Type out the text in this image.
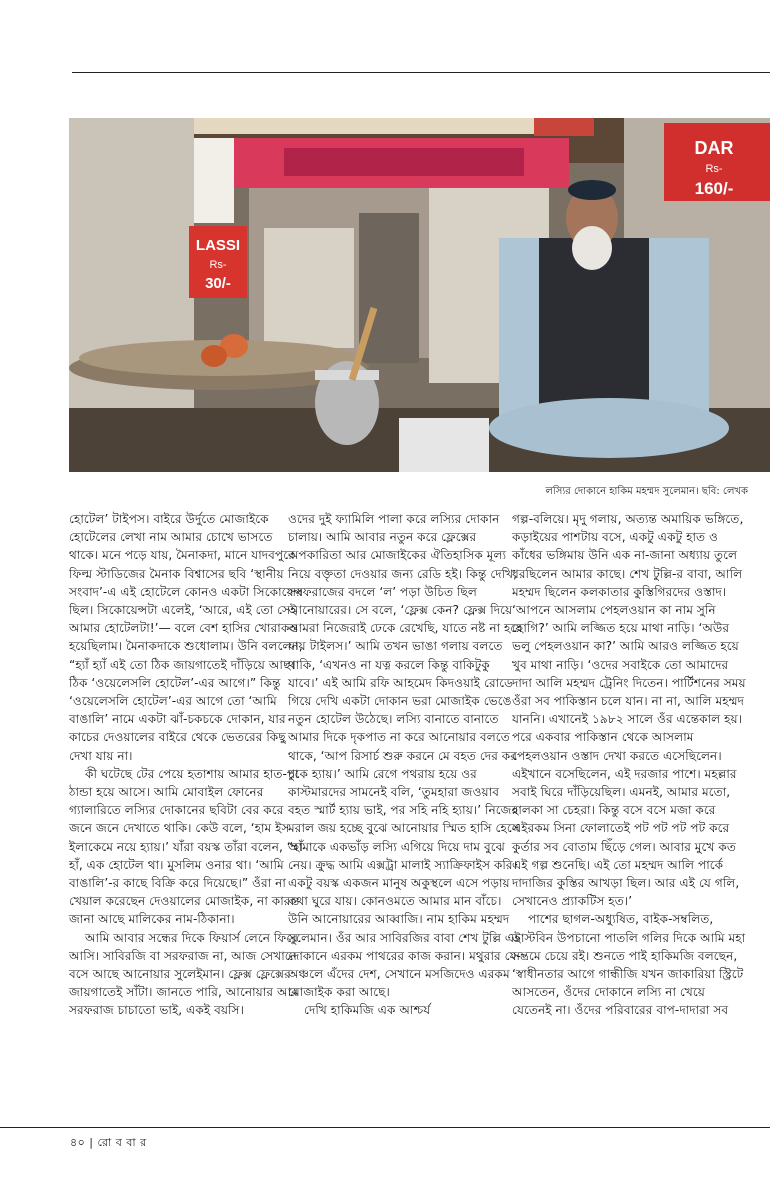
LASSI
Rs-
30/-
DAR
Rs-
160/-
লস্যির দোকানে হাকিম মহম্মদ সুলেমান। ছবি: লেখক

হোটেল’ টাইপস। বাইরে উর্দুতে মোজাইকে হোটেলের লেখা নাম আমার চোখে ভাসতে থাকে। মনে পড়ে যায়, মৈনাকদা, মানে যাদবপুরে ফিল্ম স্টাডিজের মৈনাক বিশ্বাসের ছবি ‘স্থানীয় সংবাদ’-এ এই হোটেলে কোনও একটা সিকোয়েন্স ছিল। সিকোয়েন্সটা এলেই, ‘আরে, এই তো সেই আমার হোটেলটা!’— বলে বেশ হাসির খোরাকও হয়েছিলাম। মৈনাকদাকে শুধোলাম। উনি বললেন, “হ্যাঁ হ্যাঁ এই তো ঠিক জায়গাতেই দাঁড়িয়ে আছ। ঠিক ‘ওয়েলেসলি হোটেল’-এর আগে।” কিন্তু ‘ওয়েলেসলি হোটেল’-এর আগে তো ‘আমি বাঙালি’ নামে একটা ঝাঁ-চকচকে দোকান, যার কাচের দেওয়ালের বাইরে থেকে ভেতরের কিছু দেখা যায় না।

কী ঘটেছে টের পেয়ে হতাশায় আমার হাত-পা ঠান্ডা হয়ে আসে। আমি মোবাইল ফোনের গ্যালারিতে লস্যির দোকানের ছবিটা বের করে জনে জনে দেখাতে থাকি। কেউ বলে, ‘হাম ইস ইলাকেমে নয়ে হ্যায়।’ যাঁরা বয়স্ক তাঁরা বলেন, “হাঁ হাঁ, এক হোটেল থা। মুসলিম ওনার থা। ‘আমি বাঙালি’-র কাছে বিক্রি করে দিয়েছে।” ওঁরা না খেয়াল করেছেন দেওয়ালের মোজাইক, না কারও জানা আছে মালিকের নাম-ঠিকানা।

আমি আবার সন্ধের দিকে ফিয়ার্স লেনে ফিরে আসি। সাবিরজি বা সরফরাজ না, আজ সেখানে বসে আছে আনোয়ার সুলেইমান। ফ্লেক্স ফ্লেক্সের জায়গাতেই সাঁটা। জানতে পারি, আনোয়ার আর সরফরাজ চাচাতো ভাই, একই বয়সি।

ওদের দুই ফ্যামিলি পালা করে লস্যির দোকান চালায়। আমি আবার নতুন করে ফ্লেক্সের অপকারিতা আর মোজাইকের ঐতিহাসিক মূল্য নিয়ে বক্তৃতা দেওয়ার জন্য রেডি হই। কিন্তু দেখি, সরফরাজের বদলে ‘ল’ পড়া উচিত ছিল আনোয়ারের। সে বলে, ‘ফ্লেক্স কেন? ফ্লেক্স দিয়ে আমরা নিজেরাই ঢেকে রেখেছি, যাতে নষ্ট না হয়ে যায় টাইলস।’ আমি তখন ভাঙা গলায় বলতে থাকি, ‘এখনও না যত্ন করলে কিন্তু বাকিটুকু যাবে।’ এই আমি রফি আহমেদ কিদওয়াই রোডে গিয়ে দেখি একটা দোকান ভরা মোজাইক ভেঙে নতুন হোটেল উঠেছে। লস্যি বানাতে বানাতে আমার দিকে দৃকপাত না করে আনোয়ার বলতে থাকে, ‘আপ রিসার্চ শুরু করনে মে বহত দের কর চুকে হ্যায়।’ আমি রেগে পথরায় হয়ে ওর কাস্টমারদের সামনেই বলি, ‘তুমহারা জওয়াব বহত স্মার্ট হ্যায় ভাই, পর সহি নহি হ্যায়।’ নিজের মরাল জয় হচ্ছে বুঝে আনোয়ার স্মিত হাসি হেসে আমাকে একভাঁড় লস্যি এগিয়ে দিয়ে দাম বুঝে নেয়। ক্রুদ্ধ আমি এক্সট্রা মালাই স্যাক্রিফাইস করি। একটু বয়স্ক একজন মানুষ অকুস্থলে এসে পড়ায় কথা ঘুরে যায়। কোনওমতে আমার মান বাঁচে। উনি আনোয়ারের আব্বাজি। নাম হাকিম মহম্মদ সুলেমান। ওঁর আর সাবিরজির বাবা শেখ টুল্লি এই দোকানে এরকম পাথরের কাজ করান। মথুরার যে-অঞ্চলে এঁদের দেশ, সেখানে মসজিদেও এরকম মোজাইক করা আছে।

দেখি হাকিমজি এক আশ্চর্য

গল্প-বলিয়ে। মৃদু গলায়, অত্যন্ত অমায়িক ভঙ্গিতে, কড়াইয়ের পাশটায় বসে, একটু একটু হাত ও কাঁধের ভঙ্গিমায় উনি এক না-জানা অধ্যায় তুলে ধরছিলেন আমার কাছে। শেখ টুল্লি-র বাবা, আলি মহম্মদ ছিলেন কলকাতার কুস্তিগিরদের ওস্তাদ। ‘আপনে আসলাম পেহলওয়ান কা নাম সুনি হোগি?’ আমি লজ্জিত হয়ে মাথা নাড়ি। ‘অউর ভলু পেহলওয়ান কা?’ আমি আরও লজ্জিত হয়ে খুব মাথা নাড়ি। ‘ওদের সবাইকে তো আমাদের দাদা আলি মহম্মদ ট্রেনিং দিতেন। পার্টিশনের সময় ওঁরা সব পাকিস্তান চলে যান। না না, আলি মহম্মদ যাননি। এখানেই ১৯৮২ সালে ওঁর এন্তেকাল হয়। পরে একবার পাকিস্তান থেকে আসলাম পেহলওয়ান ওস্তাদ দেখা করতে এসেছিলেন। এইখানে বসেছিলেন, এই দরজার পাশে। মহল্লার সবাই ঘিরে দাঁড়িয়েছিল। এমনই, আমার মতো, হালকা সা চেহরা। কিন্তু বসে বসে মজা করে এইরকম সিনা ফোলাতেই পট পট পট পট করে কুর্তার সব বোতাম ছিঁড়ে গেল। আবার মুখে কত এই গল্প শুনেছি। এই তো মহম্মদ আলি পার্কে দাদাজির কুস্তির আখড়া ছিল। আর এই যে গলি, সেখানেও প্র্যাকটিস হত।’

পাশের ছাগল-অধ্যুষিত, বাইক-সম্বলিত, ডাস্টবিন উপচানো পাতলি গলির দিকে আমি মহা সম্ভ্রমে চেয়ে রই। শুনতে পাই হাকিমজি বলছেন, ‘স্বাধীনতার আগে গান্ধীজি যখন জাকারিয়া স্ট্রিটে আসতেন, ওঁদের দোকানে লস্যি না খেয়ে যেতেনই না। ওঁদের পরিবারের বাপ-দাদারা সব

৪০ | রো ব বা র
